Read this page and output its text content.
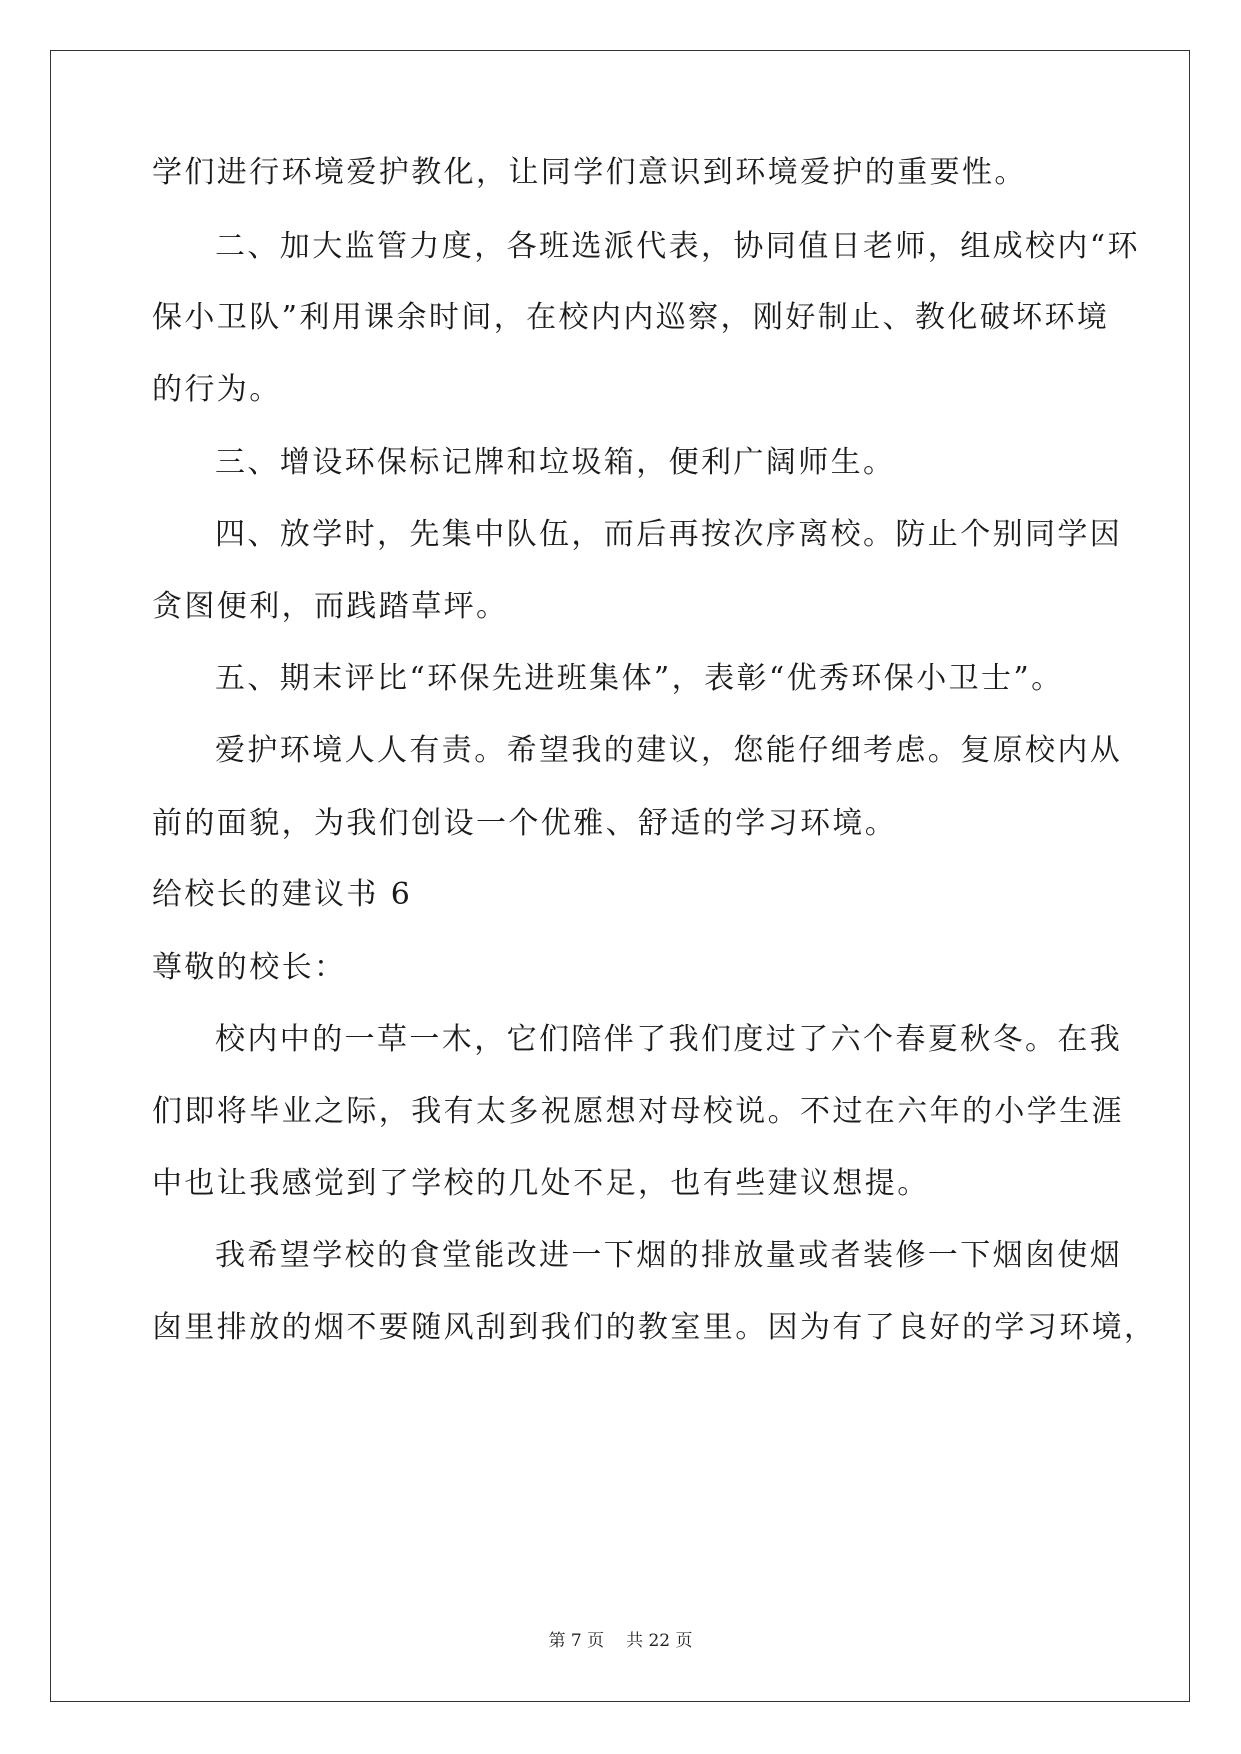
学们进行环境爱护教化，让同学们意识到环境爱护的重要性。
二、加大监管力度，各班选派代表，协同值日老师，组成校内“环
保小卫队”利用课余时间，在校内内巡察，刚好制止、教化破坏环境
的行为。
三、增设环保标记牌和垃圾箱，便利广阔师生。
四、放学时，先集中队伍，而后再按次序离校。防止个别同学因
贪图便利，而践踏草坪。
五、期末评比“环保先进班集体”，表彰“优秀环保小卫士”。
爱护环境人人有责。希望我的建议，您能仔细考虑。复原校内从
前的面貌，为我们创设一个优雅、舒适的学习环境。
给校长的建议书 6
尊敬的校长：
校内中的一草一木，它们陪伴了我们度过了六个春夏秋冬。在我
们即将毕业之际，我有太多祝愿想对母校说。不过在六年的小学生涯
中也让我感觉到了学校的几处不足，也有些建议想提。
我希望学校的食堂能改进一下烟的排放量或者装修一下烟囱使烟
囱里排放的烟不要随风刮到我们的教室里。因为有了良好的学习环境，
第 7 页 共 22 页
